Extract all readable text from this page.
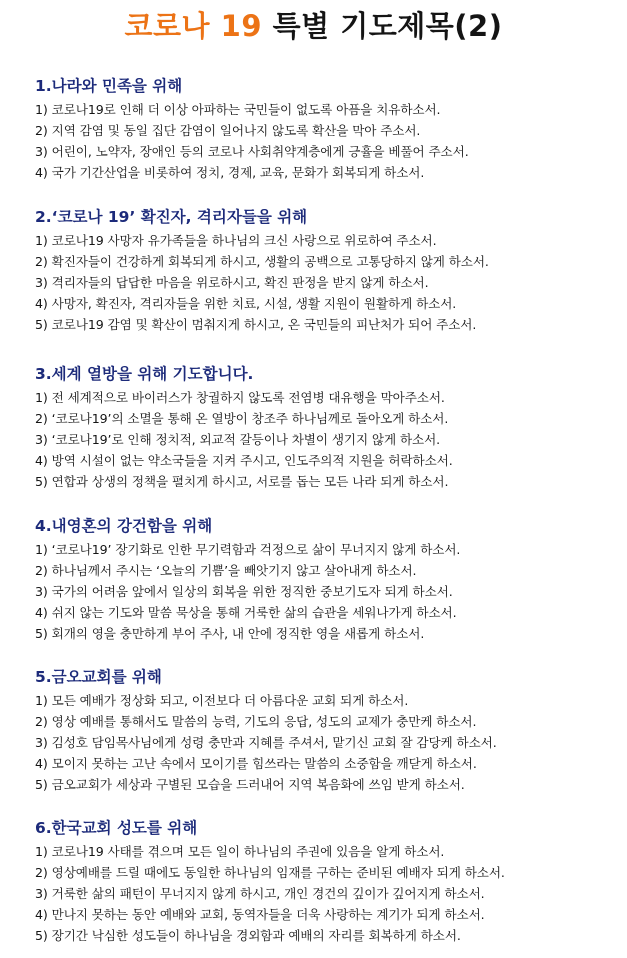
코로나 19 특별 기도제목(2)
1.나라와 민족을 위해
1) 코로나19로 인해 더 이상 아파하는 국민들이 없도록 아픔을 치유하소서.
2) 지역 감염 및 동일 집단 감염이 일어나지 않도록 확산을 막아 주소서.
3) 어린이, 노약자, 장애인 등의 코로나 사회취약계층에게 긍휼을 베풀어 주소서.
4) 국가 기간산업을 비롯하여 정치, 경제, 교육, 문화가 회복되게 하소서.
2.‘코로나 19’ 확진자, 격리자들을 위해
1) 코로나19 사망자 유가족들을 하나님의 크신 사랑으로 위로하여 주소서.
2) 확진자들이 건강하게 회복되게 하시고, 생활의 공백으로 고통당하지 않게 하소서.
3) 격리자들의 답답한 마음을 위로하시고, 확진 판정을 받지 않게 하소서.
4) 사망자, 확진자, 격리자들을 위한 치료, 시설, 생활 지원이 원활하게 하소서.
5) 코로나19 감염 및 확산이 멈춰지게 하시고, 온 국민들의 피난처가 되어 주소서.
3.세계 열방을 위해 기도합니다.
1) 전 세계적으로 바이러스가 창궐하지 않도록 전염병 대유행을 막아주소서.
2) ‘코로나19’의 소멸을 통해 온 열방이 창조주 하나님께로 돌아오게 하소서.
3) ‘코로나19’로 인해 정치적, 외교적 갈등이나 차별이 생기지 않게 하소서.
4) 방역 시설이 없는 약소국들을 지켜 주시고, 인도주의적 지원을 허락하소서.
5) 연합과 상생의 정책을 펼치게 하시고, 서로를 돕는 모든 나라 되게 하소서.
4.내영혼의 강건함을 위해
1) ‘코로나19’ 장기화로 인한 무기력함과 걱정으로 삶이 무너지지 않게 하소서.
2) 하나님께서 주시는 ‘오늘의 기쁨’을 빼앗기지 않고 살아내게 하소서.
3) 국가의 어려움 앞에서 일상의 회복을 위한 정직한 중보기도자 되게 하소서.
4) 쉬지 않는 기도와 말씀 묵상을 통해 거룩한 삶의 습관을 세워나가게 하소서.
5) 회개의 영을 충만하게 부어 주사, 내 안에 정직한 영을 새롭게 하소서.
5.금오교회를 위해
1) 모든 예배가 정상화 되고, 이전보다 더 아름다운 교회 되게 하소서.
2) 영상 예배를 통해서도 말씀의 능력, 기도의 응답, 성도의 교제가 충만케 하소서.
3) 김성호 담임목사님에게 성령 충만과 지혜를 주셔서, 맡기신 교회 잘 감당케 하소서.
4) 모이지 못하는 고난 속에서 모이기를 힘쓰라는 말씀의 소중함을 깨닫게 하소서.
5) 금오교회가 세상과 구별된 모습을 드러내어 지역 복음화에 쓰임 받게 하소서.
6.한국교회 성도를 위해
1) 코로나19 사태를 겪으며 모든 일이 하나님의 주권에 있음을 알게 하소서.
2) 영상예배를 드릴 때에도 동일한 하나님의 임재를 구하는 준비된 예배자 되게 하소서.
3) 거룩한 삶의 패턴이 무너지지 않게 하시고, 개인 경건의 깊이가 깊어지게 하소서.
4) 만나지 못하는 동안 예배와 교회, 동역자들을 더욱 사랑하는 계기가 되게 하소서.
5) 장기간 낙심한 성도들이 하나님을 경외함과 예배의 자리를 회복하게 하소서.
